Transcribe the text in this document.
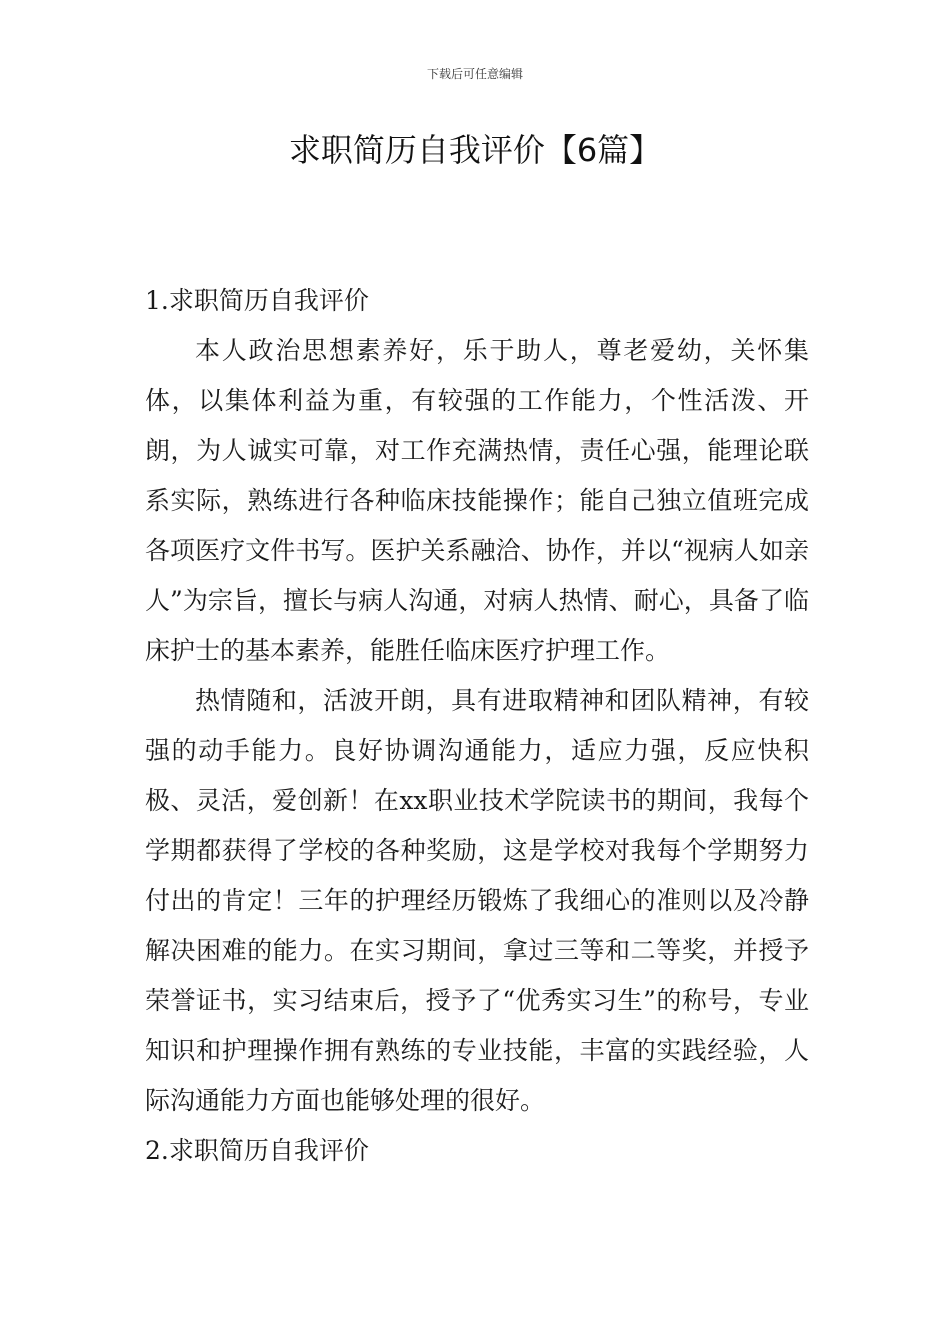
下载后可任意编辑
求职简历自我评价【6篇】
1.求职简历自我评价

本人政治思想素养好，乐于助人，尊老爱幼，关怀集体，以集体利益为重，有较强的工作能力，个性活泼、开朗，为人诚实可靠，对工作充满热情，责任心强，能理论联系实际，熟练进行各种临床技能操作；能自己独立值班完成各项医疗文件书写。医护关系融洽、协作，并以“视病人如亲人”为宗旨，擅长与病人沟通，对病人热情、耐心，具备了临床护士的基本素养，能胜任临床医疗护理工作。

热情随和，活波开朗，具有进取精神和团队精神，有较强的动手能力。良好协调沟通能力，适应力强，反应快积极、灵活，爱创新！在xx职业技术学院读书的期间，我每个学期都获得了学校的各种奖励，这是学校对我每个学期努力付出的肯定！三年的护理经历锻炼了我细心的准则以及冷静解决困难的能力。在实习期间，拿过三等和二等奖，并授予荣誉证书，实习结束后，授予了“优秀实习生”的称号，专业知识和护理操作拥有熟练的专业技能，丰富的实践经验，人际沟通能力方面也能够处理的很好。

2.求职简历自我评价
